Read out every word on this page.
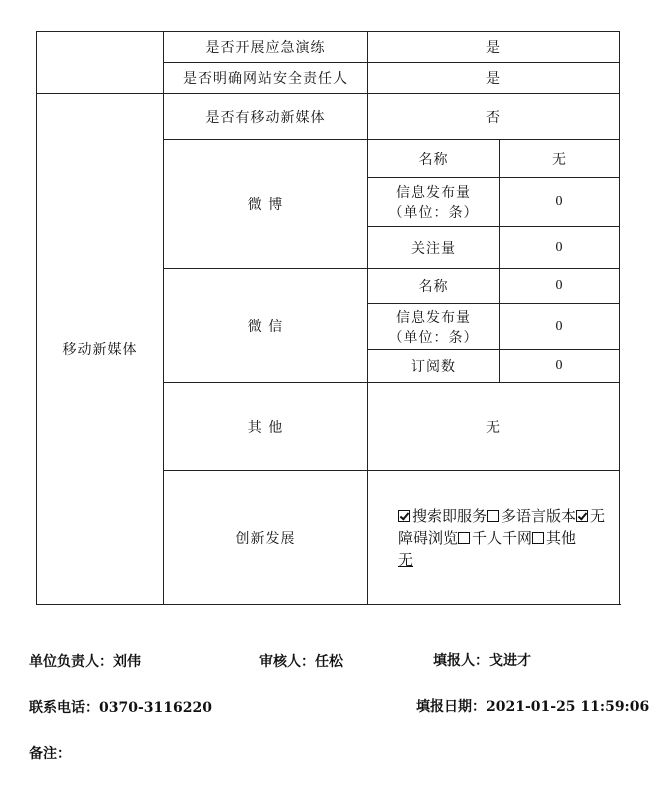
	是否开展应急演练	是	
	是否明确网站安全责任人	是	
移动新媒体	是否有移动新媒体	否	
	微 博	名称	无

		信息发布量
（单位：条）	0
		关注量	0
	微 信	名称	0

		信息发布量
（单位：条）	0
		订阅数	0
	其 他	无	
	创新发展	搜索即服务 多语言版本 无障碍浏览 千人千网 其他
无	
单位负责人：刘伟	审核人：任松	填报人：戈进才
联系电话：0370-3116220	填报日期：2021-01-25 11:59:06
备注：
